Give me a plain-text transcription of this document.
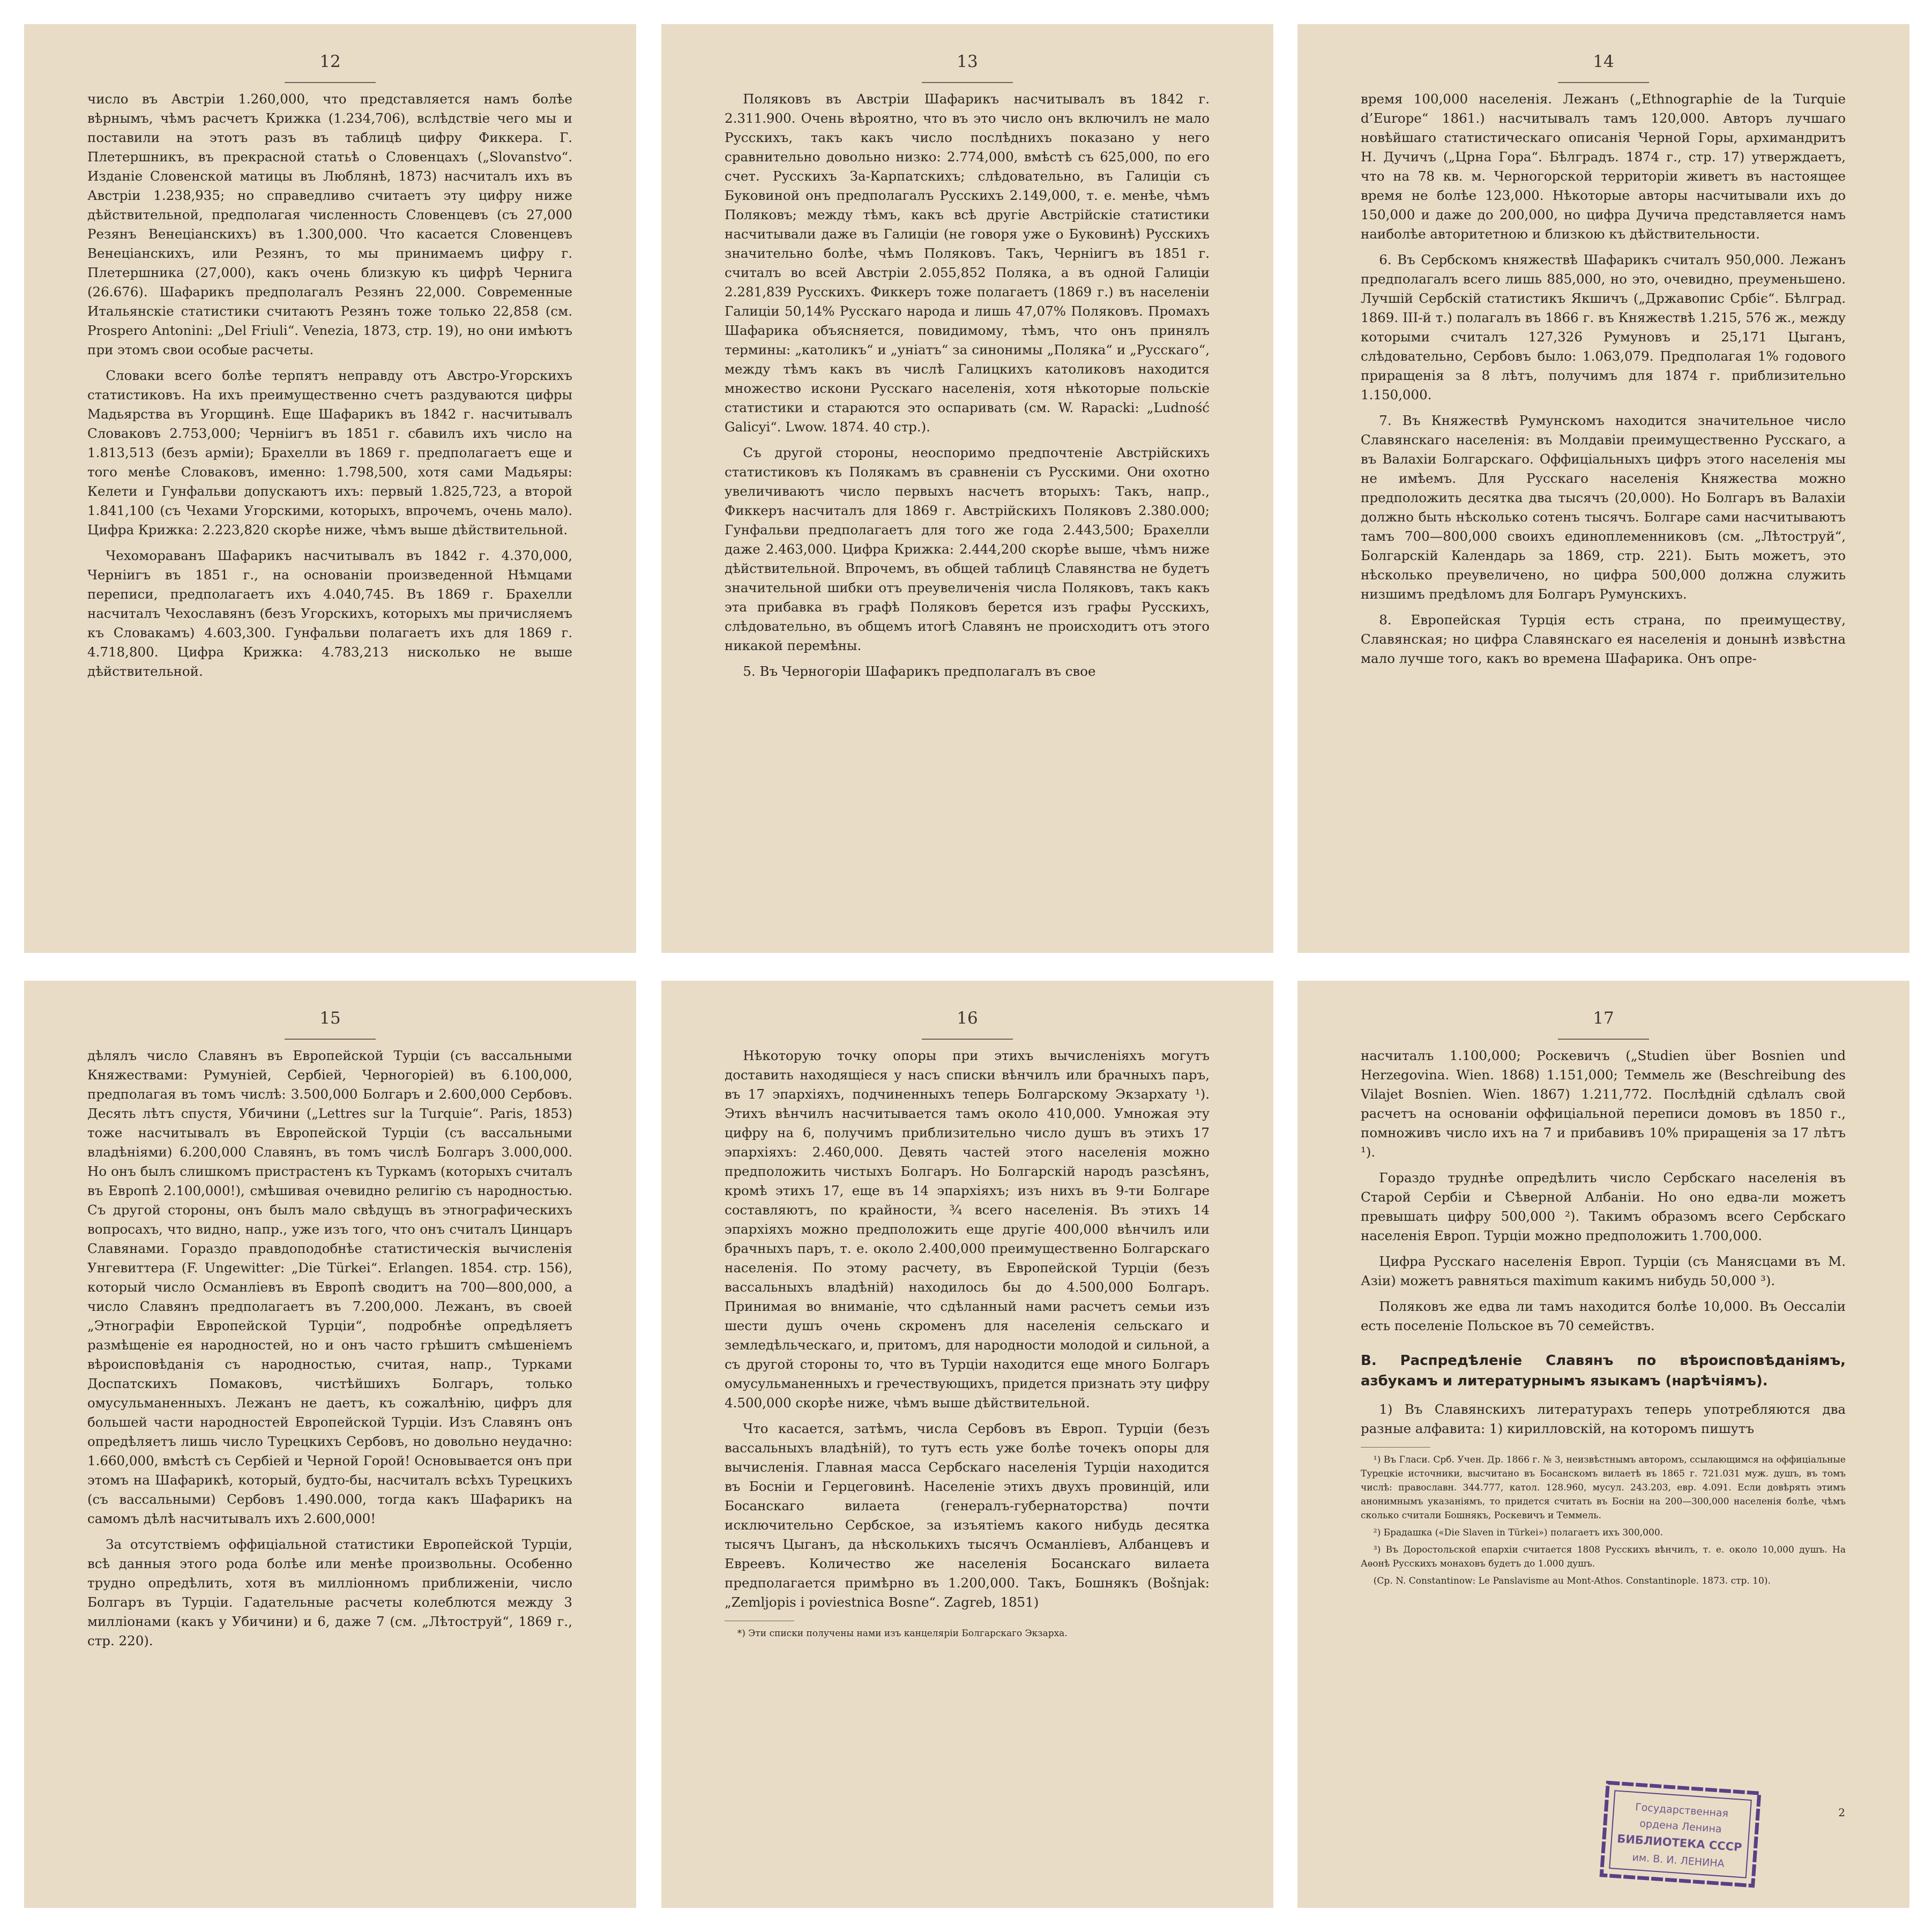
12

число въ Австріи 1.260,000, что представляется намъ болѣе вѣрнымъ, чѣмъ расчетъ Крижка (1.234,706), вслѣдствіе чего мы и поставили на этотъ разъ въ таблицѣ цифру Фиккера. Г. Плетершникъ, въ прекрасной статьѣ о Словенцахъ („Slovanstvo“. Изданіе Словенской матицы въ Люблянѣ, 1873) насчиталъ ихъ въ Австріи 1.238,935; но справедливо считаетъ эту цифру ниже дѣйствительной, предполагая численность Словенцевъ (съ 27,000 Резянъ Венеціанскихъ) въ 1.300,000. Что касается Словенцевъ Венеціанскихъ, или Резянъ, то мы принимаемъ цифру г. Плетершника (27,000), какъ очень близкую къ цифрѣ Чернига (26.676). Шафарикъ предполагалъ Резянъ 22,000. Современные Итальянскіе статистики считаютъ Резянъ тоже только 22,858 (см. Prospero Antonini: „Del Friuli“. Venezia, 1873, стр. 19), но они имѣютъ при этомъ свои особые расчеты.

Словаки всего болѣе терпятъ неправду отъ Австро-Угорскихъ статистиковъ. На ихъ преимущественно счетъ раздуваются цифры Мадьярства въ Угорщинѣ. Еще Шафарикъ въ 1842 г. насчитывалъ Словаковъ 2.753,000; Черніигъ въ 1851 г. сбавилъ ихъ число на 1.813,513 (безъ арміи); Брахелли въ 1869 г. предполагаетъ еще и того менѣе Словаковъ, именно: 1.798,500, хотя сами Мадьяры: Келети и Гунфальви допускаютъ ихъ: первый 1.825,723, а второй 1.841,100 (съ Чехами Угорскими, которыхъ, впрочемъ, очень мало). Цифра Крижка: 2.223,820 скорѣе ниже, чѣмъ выше дѣйствительной.

Чехомораванъ Шафарикъ насчитывалъ въ 1842 г. 4.370,000, Черніигъ въ 1851 г., на основаніи произведенной Нѣмцами переписи, предполагаетъ ихъ 4.040,745. Въ 1869 г. Брахелли насчиталъ Чехославянъ (безъ Угорскихъ, которыхъ мы причисляемъ къ Словакамъ) 4.603,300. Гунфальви полагаетъ ихъ для 1869 г. 4.718,800. Цифра Крижка: 4.783,213 нисколько не выше дѣйствительной.

13

Поляковъ въ Австріи Шафарикъ насчитывалъ въ 1842 г. 2.311.900. Очень вѣроятно, что въ это число онъ включилъ не мало Русскихъ, такъ какъ число послѣднихъ показано у него сравнительно довольно низко: 2.774,000, вмѣстѣ съ 625,000, по его счет. Русскихъ За-Карпатскихъ; слѣдовательно, въ Галиціи съ Буковиной онъ предполагалъ Русскихъ 2.149,000, т. е. менѣе, чѣмъ Поляковъ; между тѣмъ, какъ всѣ другіе Австрійскіе статистики насчитывали даже въ Галиціи (не говоря уже о Буковинѣ) Русскихъ значительно болѣе, чѣмъ Поляковъ. Такъ, Черніигъ въ 1851 г. считалъ во всей Австріи 2.055,852 Поляка, а въ одной Галиціи 2.281,839 Русскихъ. Фиккеръ тоже полагаетъ (1869 г.) въ населеніи Галиціи 50,14% Русскаго народа и лишь 47,07% Поляковъ. Промахъ Шафарика объясняется, повидимому, тѣмъ, что онъ принялъ термины: „католикъ“ и „уніатъ“ за синонимы „Поляка“ и „Русскаго“, между тѣмъ какъ въ числѣ Галицкихъ католиковъ находится множество искони Русскаго населенія, хотя нѣкоторые польскіе статистики и стараются это оспаривать (см. W. Rapacki: „Ludność Galicyi“. Lwow. 1874. 40 стр.).

Съ другой стороны, неоспоримо предпочтеніе Австрійскихъ статистиковъ къ Полякамъ въ сравненіи съ Русскими. Они охотно увеличиваютъ число первыхъ насчетъ вторыхъ: Такъ, напр., Фиккеръ насчиталъ для 1869 г. Австрійскихъ Поляковъ 2.380.000; Гунфальви предполагаетъ для того же года 2.443,500; Брахелли даже 2.463,000. Цифра Крижка: 2.444,200 скорѣе выше, чѣмъ ниже дѣйствительной. Впрочемъ, въ общей таблицѣ Славянства не будетъ значительной шибки отъ преувеличенія числа Поляковъ, такъ какъ эта прибавка въ графѣ Поляковъ берется изъ графы Русскихъ, слѣдовательно, въ общемъ итогѣ Славянъ не происходитъ отъ этого никакой перемѣны.

5. Въ Черногоріи Шафарикъ предполагалъ въ свое

14

время 100,000 населенія. Лежанъ („Ethnographie de la Turquie d’Europe“ 1861.) насчитывалъ тамъ 120,000. Авторъ лучшаго новѣйшаго статистическаго описанія Черной Горы, архимандритъ Н. Дучичъ („Црна Гора“. Бѣлградъ. 1874 г., стр. 17) утверждаетъ, что на 78 кв. м. Черногорской территоріи живетъ въ настоящее время не болѣе 123,000. Нѣкоторые авторы насчитывали ихъ до 150,000 и даже до 200,000, но цифра Дучича представляется намъ наиболѣе авторитетною и близкою къ дѣйствительности.

6. Въ Сербскомъ княжествѣ Шафарикъ считалъ 950,000. Лежанъ предполагалъ всего лишь 885,000, но это, очевидно, преуменьшено. Лучшій Сербскій статистикъ Якшичъ („Државопис Србіє“. Бѣлград. 1869. III-й т.) полагалъ въ 1866 г. въ Княжествѣ 1.215, 576 ж., между которыми считалъ 127,326 Румуновъ и 25,171 Цыганъ, слѣдовательно, Сербовъ было: 1.063,079. Предполагая 1% годового приращенія за 8 лѣтъ, получимъ для 1874 г. приблизительно 1.150,000.

7. Въ Княжествѣ Румунскомъ находится значительное число Славянскаго населенія: въ Молдавіи преимущественно Русскаго, а въ Валахіи Болгарскаго. Оффиціальныхъ цифръ этого населенія мы не имѣемъ. Для Русскаго населенія Княжества можно предположить десятка два тысячъ (20,000). Но Болгаръ въ Валахіи должно быть нѣсколько сотенъ тысячъ. Болгаре сами насчитываютъ тамъ 700—800,000 своихъ единоплеменниковъ (см. „Лѣтоструй“, Болгарскій Календарь за 1869, стр. 221). Быть можетъ, это нѣсколько преувеличено, но цифра 500,000 должна служить низшимъ предѣломъ для Болгаръ Румунскихъ.

8. Европейская Турція есть страна, по преимуществу, Славянская; но цифра Славянскаго ея населенія и донынѣ извѣстна мало лучше того, какъ во времена Шафарика. Онъ опре-

15

дѣлялъ число Славянъ въ Европейской Турціи (съ вассальными Княжествами: Румуніей, Сербіей, Черногоріей) въ 6.100,000, предполагая въ томъ числѣ: 3.500,000 Болгаръ и 2.600,000 Сербовъ. Десять лѣтъ спустя, Убичини („Lettres sur la Turquie“. Paris, 1853) тоже насчитывалъ въ Европейской Турціи (съ вассальными владѣніями) 6.200,000 Славянъ, въ томъ числѣ Болгаръ 3.000,000. Но онъ былъ слишкомъ пристрастенъ къ Туркамъ (которыхъ считалъ въ Европѣ 2.100,000!), смѣшивая очевидно религію съ народностью. Съ другой стороны, онъ былъ мало свѣдущъ въ этнографическихъ вопросахъ, что видно, напр., уже изъ того, что онъ считалъ Цинцаръ Славянами. Гораздо правдоподобнѣе статистическія вычисленія Унгевиттера (F. Ungewitter: „Die Türkei“. Erlangen. 1854. стр. 156), который число Османліевъ въ Европѣ сводитъ на 700—800,000, а число Славянъ предполагаетъ въ 7.200,000. Лежанъ, въ своей „Этнографіи Европейской Турціи“, подробнѣе опредѣляетъ размѣщеніе ея народностей, но и онъ часто грѣшитъ смѣшеніемъ вѣроисповѣданія съ народностью, считая, напр., Турками Доспатскихъ Помаковъ, чистѣйшихъ Болгаръ, только омусульманенныхъ. Лежанъ не даетъ, къ сожалѣнію, цифръ для большей части народностей Европейской Турціи. Изъ Славянъ онъ опредѣляетъ лишь число Турецкихъ Сербовъ, но довольно неудачно: 1.660,000, вмѣстѣ съ Сербіей и Черной Горой! Основывается онъ при этомъ на Шафарикѣ, который, будто-бы, насчиталъ всѣхъ Турецкихъ (съ вассальными) Сербовъ 1.490.000, тогда какъ Шафарикъ на самомъ дѣлѣ насчитывалъ ихъ 2.600,000!

За отсутствіемъ оффиціальной статистики Европейской Турціи, всѣ данныя этого рода болѣе или менѣе произвольны. Особенно трудно опредѣлить, хотя въ милліонномъ приближеніи, число Болгаръ въ Турціи. Гадательные расчеты колеблются между 3 милліонами (какъ у Убичини) и 6, даже 7 (см. „Лѣтоструй“, 1869 г., стр. 220).

16

Нѣкоторую точку опоры при этихъ вычисленіяхъ могутъ доставить находящіеся у насъ списки вѣнчилъ или брачныхъ паръ, въ 17 эпархіяхъ, подчиненныхъ теперь Болгарскому Экзархату ¹). Этихъ вѣнчилъ насчитывается тамъ около 410,000. Умножая эту цифру на 6, получимъ приблизительно число душъ въ этихъ 17 эпархіяхъ: 2.460,000. Девять частей этого населенія можно предположить чистыхъ Болгаръ. Но Болгарскій народъ разсѣянъ, кромѣ этихъ 17, еще въ 14 эпархіяхъ; изъ нихъ въ 9-ти Болгаре составляютъ, по крайности, ¾ всего населенія. Въ этихъ 14 эпархіяхъ можно предположить еще другіе 400,000 вѣнчилъ или брачныхъ паръ, т. е. около 2.400,000 преимущественно Болгарскаго населенія. По этому расчету, въ Европейской Турціи (безъ вассальныхъ владѣній) находилось бы до 4.500,000 Болгаръ. Принимая во вниманіе, что сдѣланный нами расчетъ семьи изъ шести душъ очень скроменъ для населенія сельскаго и земледѣльческаго, и, притомъ, для народности молодой и сильной, а съ другой стороны то, что въ Турціи находится еще много Болгаръ омусульманенныхъ и гречествующихъ, придется признать эту цифру 4.500,000 скорѣе ниже, чѣмъ выше дѣйствительной.

Что касается, затѣмъ, числа Сербовъ въ Европ. Турціи (безъ вассальныхъ владѣній), то тутъ есть уже болѣе точекъ опоры для вычисленія. Главная масса Сербскаго населенія Турціи находится въ Босніи и Герцеговинѣ. Населеніе этихъ двухъ провинцій, или Босанскаго вилаета (генералъ-губернаторства) почти исключительно Сербское, за изъятіемъ какого нибудь десятка тысячъ Цыганъ, да нѣсколькихъ тысячъ Османліевъ, Албанцевъ и Евреевъ. Количество же населенія Босанскаго вилаета предполагается примѣрно въ 1.200,000. Такъ, Бошнякъ (Bošnjak: „Zemljopis i poviestnica Bosne“. Zagreb, 1851)

*) Эти списки получены нами изъ канцеляріи Болгарскаго Экзарха.

17

насчиталъ 1.100,000; Роскевичъ („Studien über Bosnien und Herzegovina. Wien. 1868) 1.151,000; Теммель же (Beschreibung des Vilajet Bosnien. Wien. 1867) 1.211,772. Послѣдній сдѣлалъ свой расчетъ на основаніи оффиціальной переписи домовъ въ 1850 г., помноживъ число ихъ на 7 и прибавивъ 10% приращенія за 17 лѣтъ ¹).

Гораздо труднѣе опредѣлить число Сербскаго населенія въ Старой Сербіи и Сѣверной Албаніи. Но оно едва-ли можетъ превышать цифру 500,000 ²). Такимъ образомъ всего Сербскаго населенія Европ. Турціи можно предположить 1.700,000.

Цифра Русскаго населенія Европ. Турціи (съ Манясцами въ М. Азіи) можетъ равняться maximum какимъ нибудь 50,000 ³).

Поляковъ же едва ли тамъ находится болѣе 10,000. Въ Оессаліи есть поселеніе Польское въ 70 семействъ.

В. Распредѣленіе Славянъ по вѣроисповѣданіямъ, азбукамъ и литературнымъ языкамъ (нарѣчіямъ).

1) Въ Славянскихъ литературахъ теперь употребляются два разные алфавита: 1) кирилловскій, на которомъ пишутъ

¹) Въ Гласи. Срб. Учен. Др. 1866 г. № 3, неизвѣстнымъ авторомъ, ссылающимся на оффиціальные Турецкіе источники, высчитано въ Босанскомъ вилаетѣ въ 1865 г. 721.031 муж. душъ, въ томъ числѣ: православн. 344.777, катол. 128.960, мусул. 243.203, евр. 4.091. Если довѣрять этимъ анонимнымъ указаніямъ, то придется считать въ Босніи на 200—300,000 населенія болѣе, чѣмъ сколько считали Бошнякъ, Роскевичъ и Теммель.

²) Брадашка («Die Slaven in Türkei») полагаетъ ихъ 300,000.

³) Въ Доростольской епархіи считается 1808 Русскихъ вѣнчилъ, т. е. около 10,000 душъ. На Аѳонѣ Русскихъ монаховъ будетъ до 1.000 душъ.

(Ср. N. Constantinow: Le Panslavisme au Mont-Athos. Constantinople. 1873. стр. 10).

2
Государственная
ордена Ленина
БИБЛИОТЕКА СССР
им. В. И. ЛЕНИНА
